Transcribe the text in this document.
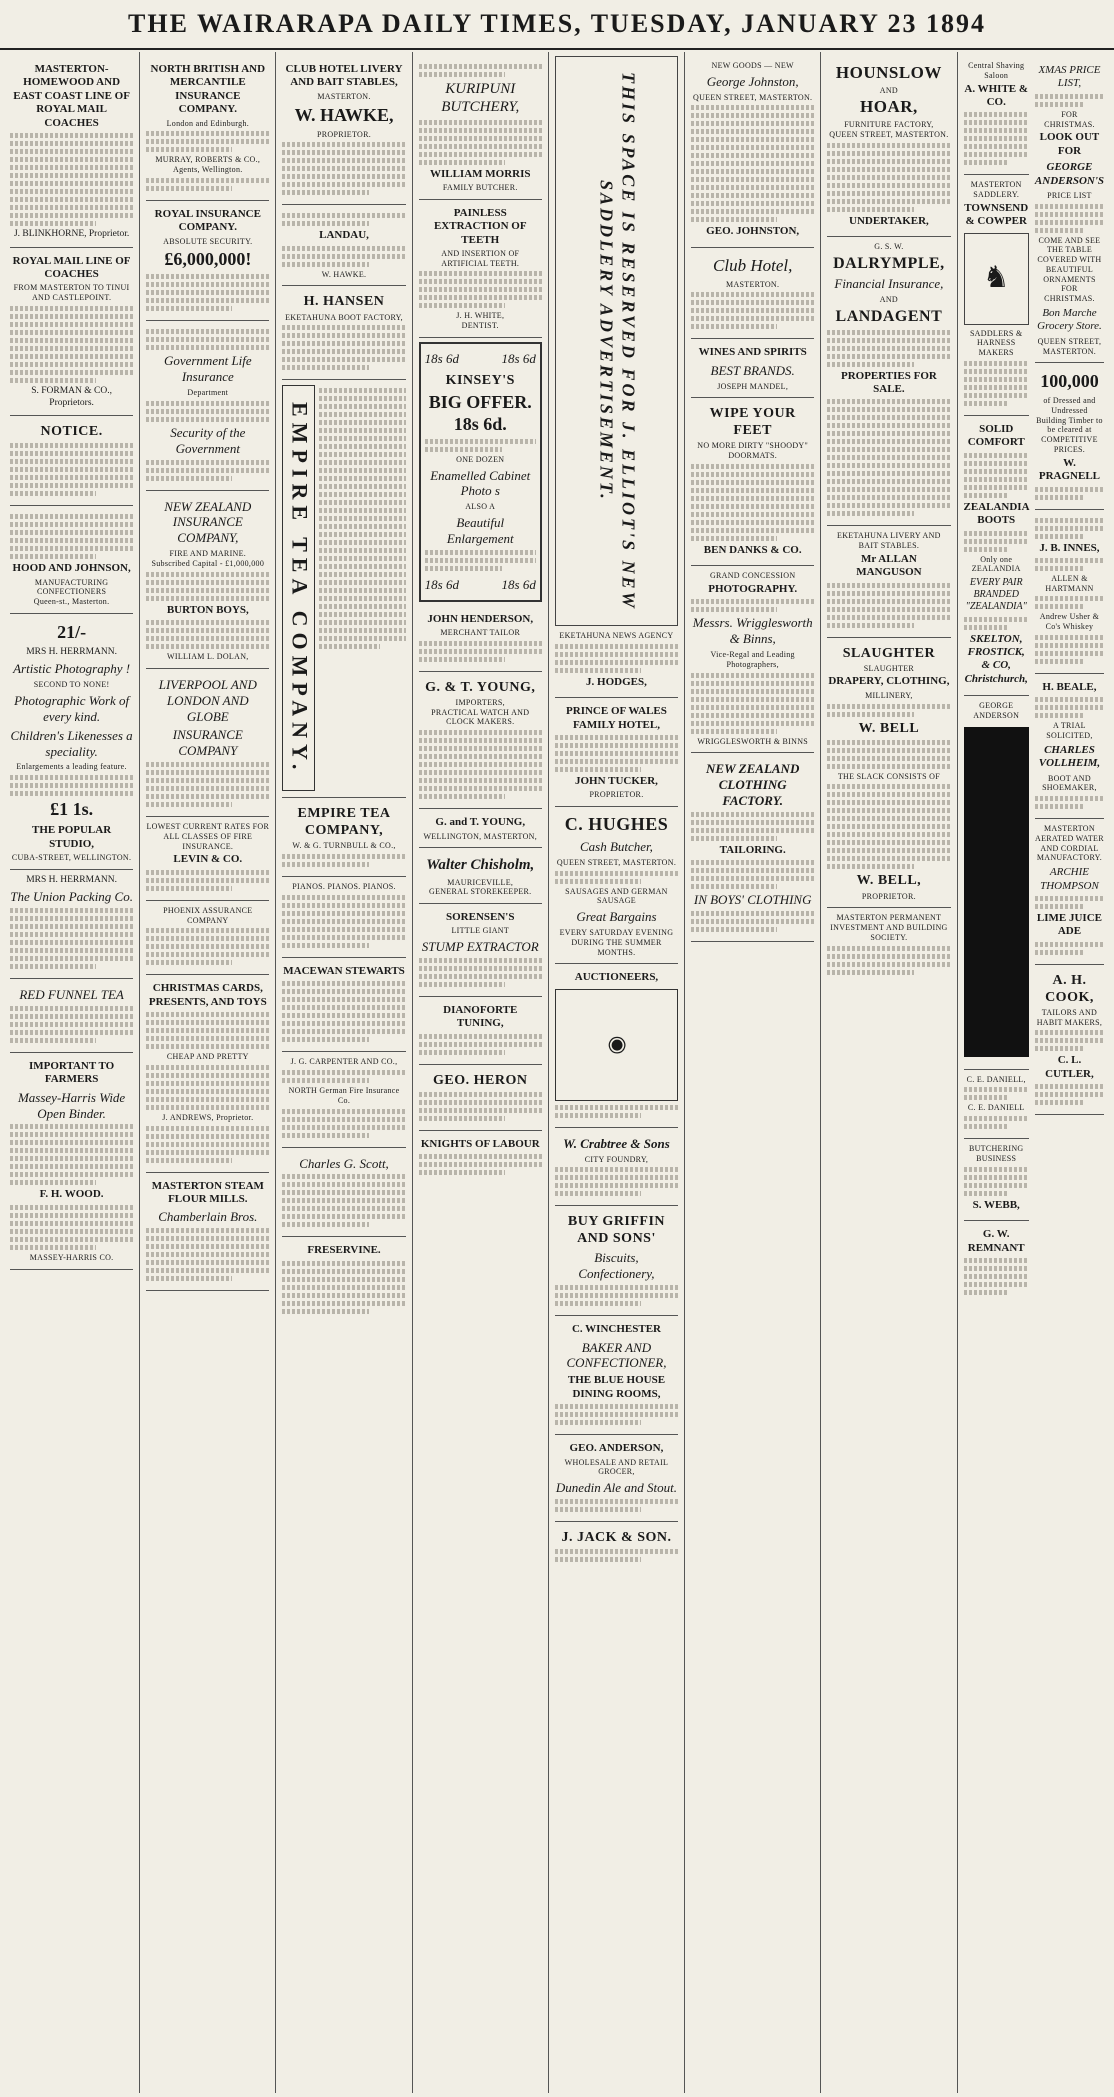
THE WAIRARAPA DAILY TIMES, TUESDAY, JANUARY 23 1894
MASTERTON-HOMEWOOD AND EAST COAST LINE OF ROYAL MAIL COACHES
J. BLINKHORNE, Proprietor.
ROYAL MAIL LINE OF COACHES
FROM MASTERTON TO TINUI AND CASTLEPOINT.
S. FORMAN & CO., Proprietors.
NOTICE.
HOOD AND JOHNSON,
MANUFACTURING CONFECTIONERS
Queen-st., Masterton.
21/-
MRS H. HERRMANN.
Artistic Photography !
SECOND TO NONE!
Photographic Work of every kind.
Children's Likenesses a speciality.
Enlargements a leading feature.
£1 1s.
THE POPULAR STUDIO,
CUBA-STREET, WELLINGTON.
MRS H. HERRMANN.
The Union Packing Co.
RED FUNNEL TEA
IMPORTANT TO FARMERS
Massey-Harris Wide Open Binder.
F. H. WOOD.
MASSEY-HARRIS CO.
NORTH BRITISH AND MERCANTILE INSURANCE COMPANY.
London and Edinburgh.
MURRAY, ROBERTS & CO., Agents, Wellington.
ROYAL INSURANCE COMPANY.
ABSOLUTE SECURITY.
£6,000,000!
Government Life Insurance
Department
Security of the Government
NEW ZEALAND INSURANCE COMPANY,
FIRE AND MARINE.
Subscribed Capital - £1,000,000
BURTON BOYS,
WILLIAM L. DOLAN,
LIVERPOOL AND LONDON AND GLOBE
INSURANCE COMPANY
LOWEST CURRENT RATES FOR ALL CLASSES OF FIRE INSURANCE.
LEVIN & CO.
PHOENIX ASSURANCE COMPANY
CHRISTMAS CARDS, PRESENTS, AND TOYS
CHEAP AND PRETTY
J. ANDREWS, Proprietor.
MASTERTON STEAM FLOUR MILLS.
Chamberlain Bros.
CLUB HOTEL LIVERY AND BAIT STABLES,
MASTERTON.
W. HAWKE,
PROPRIETOR.
LANDAU,
W. HAWKE.
H. HANSEN
EKETAHUNA BOOT FACTORY,
EMPIRE TEA COMPANY.
EMPIRE TEA COMPANY,
W. & G. TURNBULL & CO.,
PIANOS. PIANOS. PIANOS.
MACEWAN STEWARTS
J. G. CARPENTER AND CO.,
NORTH German Fire Insurance Co.
Charles G. Scott,
FRESERVINE.
KURIPUNI BUTCHERY,
WILLIAM MORRIS
FAMILY BUTCHER.
PAINLESS EXTRACTION OF TEETH
AND INSERTION OF ARTIFICIAL TEETH.
J. H. WHITE,
DENTIST.
18s 6d	18s 6d
KINSEY'S
BIG OFFER. 18s 6d.
ONE DOZEN
Enamelled Cabinet Photo s
ALSO A
Beautiful Enlargement
18s 6d	18s 6d
JOHN HENDERSON,
MERCHANT TAILOR
G. & T. YOUNG,
IMPORTERS,
PRACTICAL WATCH AND CLOCK MAKERS.
G. and T. YOUNG,
WELLINGTON, MASTERTON,
Walter Chisholm,
MAURICEVILLE,
GENERAL STOREKEEPER.
SORENSEN'S
LITTLE GIANT
STUMP EXTRACTOR
DIANOFORTE TUNING,
GEO. HERON
KNIGHTS OF LABOUR
THIS SPACE IS RESERVED FOR J. ELLIOT'S NEW SADDLERY ADVERTISEMENT.
EKETAHUNA NEWS AGENCY
J. HODGES,
PRINCE OF WALES FAMILY HOTEL,
JOHN TUCKER,
PROPRIETOR.
C. HUGHES
Cash Butcher,
QUEEN STREET, MASTERTON.
SAUSAGES AND GERMAN SAUSAGE
Great Bargains
EVERY SATURDAY EVENING DURING THE SUMMER MONTHS.
AUCTIONEERS,
◉
W. Crabtree & Sons
CITY FOUNDRY,
BUY GRIFFIN AND SONS'
Biscuits, Confectionery,
C. WINCHESTER
BAKER AND CONFECTIONER,
THE BLUE HOUSE DINING ROOMS,
GEO. ANDERSON,
WHOLESALE AND RETAIL GROCER,
Dunedin Ale and Stout.
J. JACK & SON.
NEW GOODS — NEW
George Johnston,
QUEEN STREET, MASTERTON.
GEO. JOHNSTON,
Club Hotel,
MASTERTON.
WINES AND SPIRITS
BEST BRANDS.
JOSEPH MANDEL,
WIPE YOUR FEET
NO MORE DIRTY "SHOODY" DOORMATS.
BEN DANKS & CO.
GRAND CONCESSION
PHOTOGRAPHY.
Messrs. Wrigglesworth & Binns,
Vice-Regal and Leading Photographers,
WRIGGLESWORTH & BINNS
NEW ZEALAND CLOTHING FACTORY.
TAILORING.
IN BOYS' CLOTHING
HOUNSLOW
AND
HOAR,
FURNITURE FACTORY,
QUEEN STREET, MASTERTON.
UNDERTAKER,
G. S. W.
DALRYMPLE,
Financial Insurance,
AND
LANDAGENT
PROPERTIES FOR SALE.
EKETAHUNA LIVERY AND BAIT STABLES.
Mr ALLAN MANGUSON
SLAUGHTER
SLAUGHTER
DRAPERY, CLOTHING,
MILLINERY,
W. BELL
THE SLACK CONSISTS OF
W. BELL,
PROPRIETOR.
MASTERTON PERMANENT INVESTMENT AND BUILDING SOCIETY.
Central Shaving Saloon
A. WHITE & CO.
MASTERTON SADDLERY.
TOWNSEND & COWPER
♞
SADDLERS & HARNESS MAKERS
SOLID COMFORT
ZEALANDIA BOOTS
Only one ZEALANDIA
EVERY PAIR BRANDED "ZEALANDIA"
SKELTON, FROSTICK, & CO, Christchurch,
GEORGE ANDERSON
C. E. DANIELL,
C. E. DANIELL
BUTCHERING BUSINESS
S. WEBB,
G. W. REMNANT
XMAS PRICE LIST,
FOR CHRISTMAS.
LOOK OUT FOR
GEORGE ANDERSON'S
PRICE LIST
COME AND SEE
THE TABLE COVERED WITH BEAUTIFUL ORNAMENTS FOR CHRISTMAS.
Bon Marche Grocery Store.
QUEEN STREET, MASTERTON.
100,000
of Dressed and Undressed Building Timber to be cleared at
COMPETITIVE PRICES.
W. PRAGNELL
J. B. INNES,
ALLEN & HARTMANN
Andrew Usher & Co's Whiskey
H. BEALE,
A TRIAL SOLICITED,
CHARLES VOLLHEIM,
BOOT AND SHOEMAKER,
MASTERTON AERATED WATER AND CORDIAL MANUFACTORY.
ARCHIE THOMPSON
LIME JUICE ADE
A. H. COOK,
TAILORS AND HABIT MAKERS,
C. L. CUTLER,
